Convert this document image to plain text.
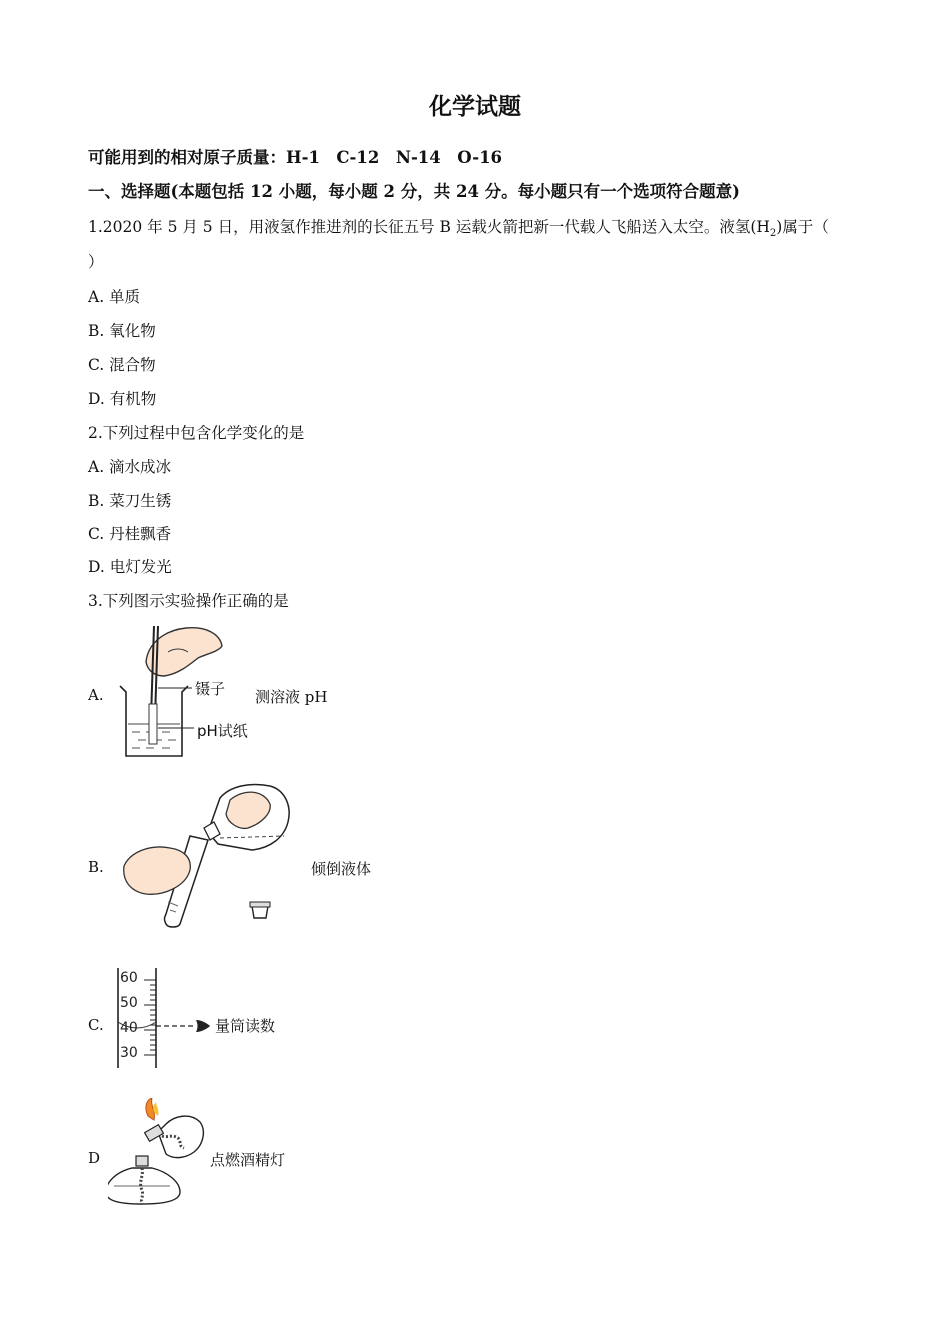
化学试题
可能用到的相对原子质量：H-1　C-12　N-14　O-16
一、选择题(本题包括 12 小题，每小题 2 分，共 24 分。每小题只有一个选项符合题意)
1.2020 年 5 月 5 日，用液氢作推进剂的长征五号 B 运载火箭把新一代载人飞船送入太空。液氢$(H_2)$属于（
）
A. 单质
B. 氧化物
C. 混合物
D. 有机物
2.下列过程中包含化学变化的是
A. 滴水成冰
B. 菜刀生锈
C. 丹桂飘香
D. 电灯发光
3.下列图示实验操作正确的是
A.	镊子
pH试纸
测溶液 pH
B.	倾倒液体
C.
60
50
40
30
量筒读数
D	点燃酒精灯
